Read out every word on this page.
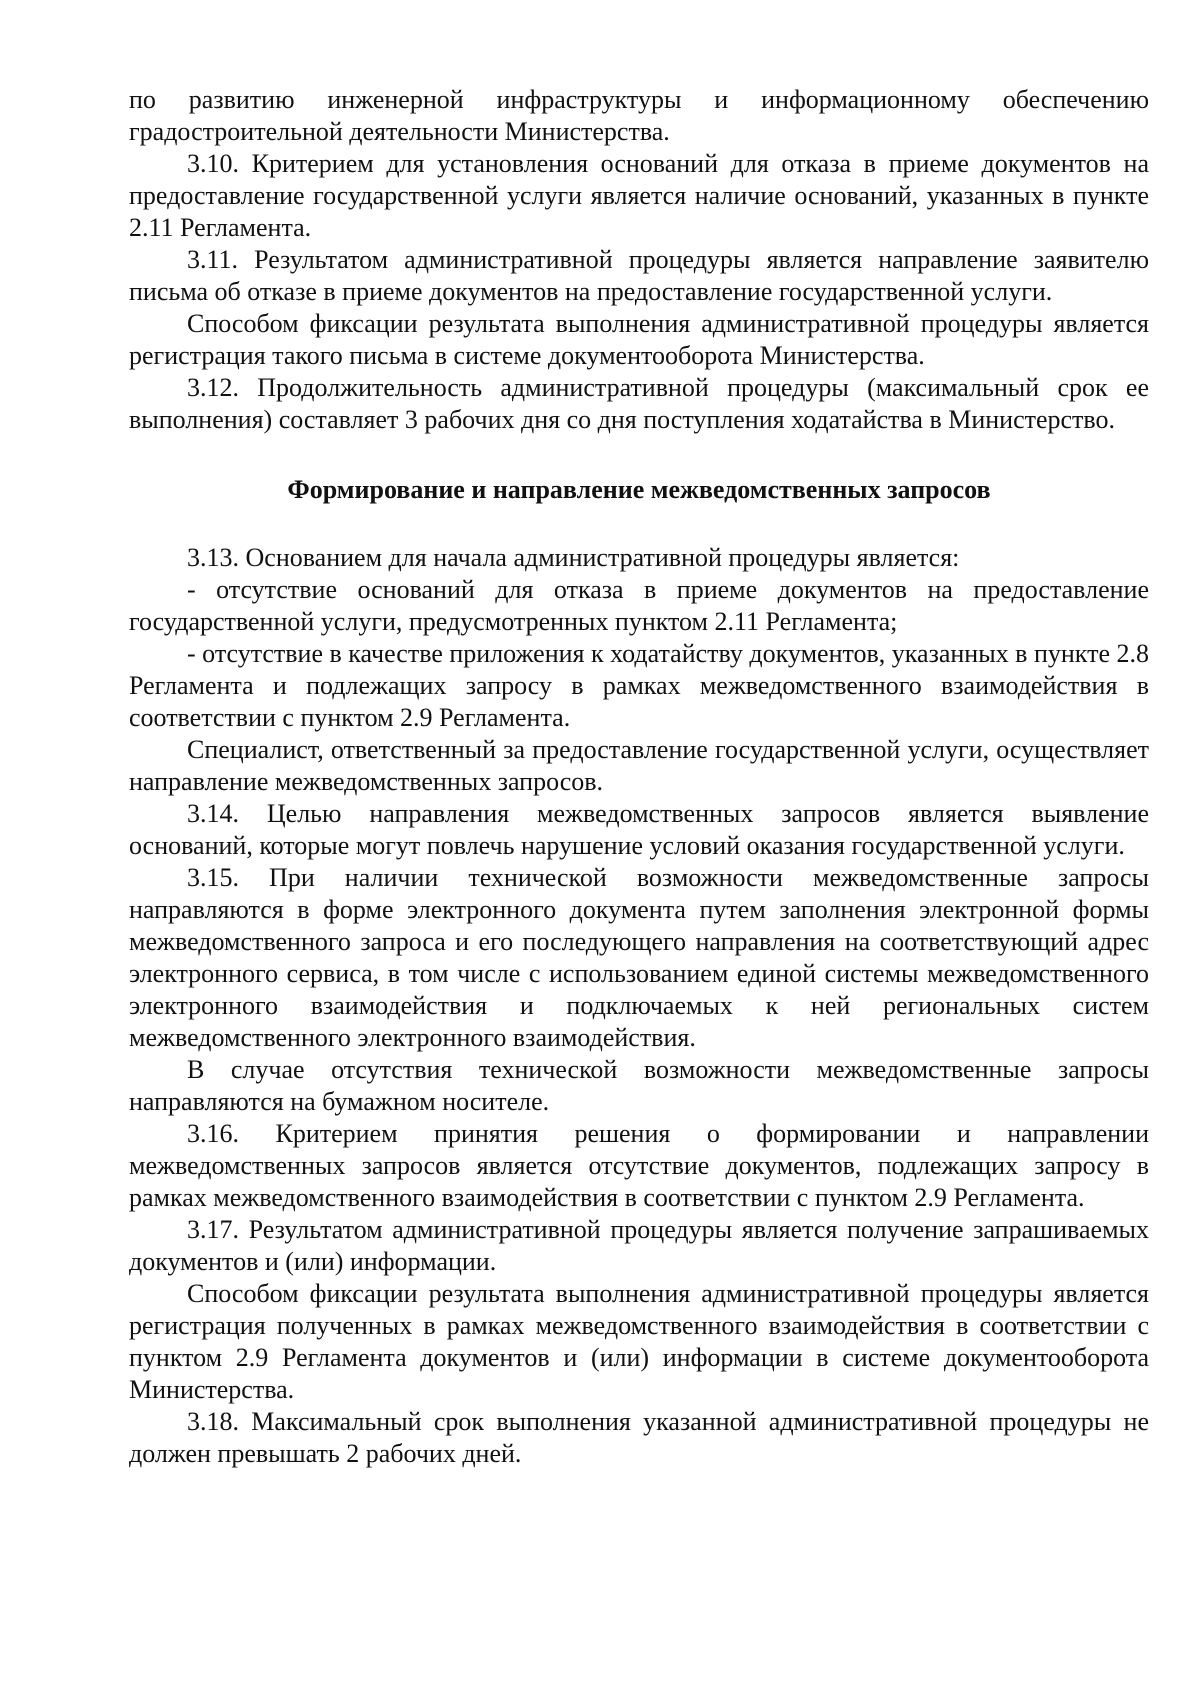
по развитию инженерной инфраструктуры и информационному обеспечению градостроительной деятельности Министерства.

3.10. Критерием для установления оснований для отказа в приеме документов на предоставление государственной услуги является наличие оснований, указанных в пункте 2.11 Регламента.

3.11. Результатом административной процедуры является направление заявителю письма об отказе в приеме документов на предоставление государственной услуги.

Способом фиксации результата выполнения административной процедуры является регистрация такого письма в системе документооборота Министерства.

3.12. Продолжительность административной процедуры (максимальный срок ее выполнения) составляет 3 рабочих дня со дня поступления ходатайства в Министерство.

Формирование и направление межведомственных запросов

3.13. Основанием для начала административной процедуры является:

- отсутствие оснований для отказа в приеме документов на предоставление государственной услуги, предусмотренных пунктом 2.11 Регламента;

- отсутствие в качестве приложения к ходатайству документов, указанных в пункте 2.8 Регламента и подлежащих запросу в рамках межведомственного взаимодействия в соответствии с пунктом 2.9 Регламента.

Специалист, ответственный за предоставление государственной услуги, осуществляет направление межведомственных запросов.

3.14. Целью направления межведомственных запросов является выявление оснований, которые могут повлечь нарушение условий оказания государственной услуги.

3.15. При наличии технической возможности межведомственные запросы направляются в форме электронного документа путем заполнения электронной формы межведомственного запроса и его последующего направления на соответствующий адрес электронного сервиса, в том числе с использованием единой системы межведомственного электронного взаимодействия и подключаемых к ней региональных систем межведомственного электронного взаимодействия.

В случае отсутствия технической возможности межведомственные запросы направляются на бумажном носителе.

3.16. Критерием принятия решения о формировании и направлении межведомственных запросов является отсутствие документов, подлежащих запросу в рамках межведомственного взаимодействия в соответствии с пунктом 2.9 Регламента.

3.17. Результатом административной процедуры является получение запрашиваемых документов и (или) информации.

Способом фиксации результата выполнения административной процедуры является регистрация полученных в рамках межведомственного взаимодействия в соответствии с пунктом 2.9 Регламента документов и (или) информации в системе документооборота Министерства.

3.18. Максимальный срок выполнения указанной административной процедуры не должен превышать 2 рабочих дней.
